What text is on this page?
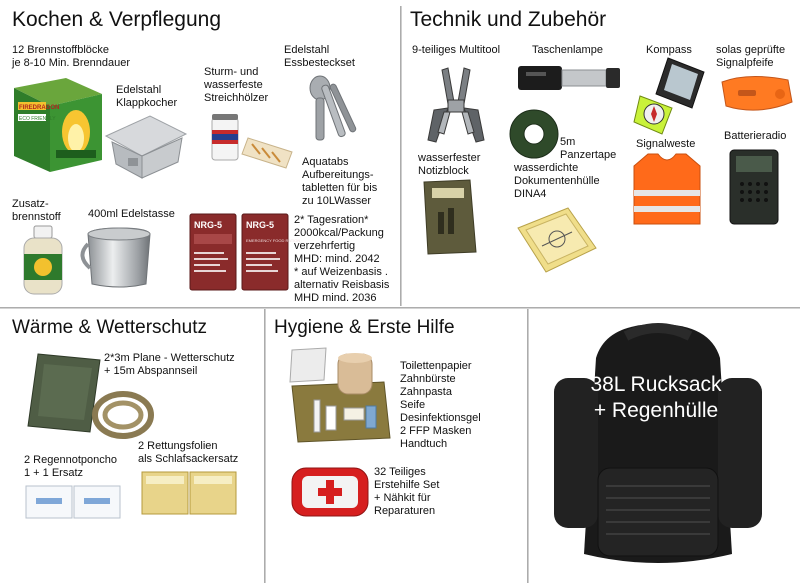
Kochen & Verpflegung	Technik und Zubehör
Wärme & Wetterschutz	Hygiene & Erste Hilfe
12 Brennstoffblöcke
je 8-10 Min. Brenndauer
FIREDRAGON
ECO FRIENDLY
Edelstahl
Klappkocher
Sturm- und
wasserfeste
Streichhölzer
Edelstahl
Essbesteckset
Aquatabs
Aufbereitungs-
tabletten für bis
zu 10LWasser
Zusatz-
brennstoff 400ml Edelstasse
NRG-5	NRG-5
EMERGENCY FOOD RATION
2* Tagesration*
2000kcal/Packung
verzehrfertig
MHD: mind. 2042
* auf Weizenbasis .
alternativ Reisbasis
MHD mind. 2036
9-teiliges Multitool	Taschenlampe	Kompass solas geprüfte
Signalpfeife
5m
Panzertape
wasserfester
Notizblock	wasserdichte
Dokumentenhülle
DINA4
Signalweste
Batterieradio
2*3m Plane - Wetterschutz
+ 15m Abspannseil
2 Regennotponcho
1 + 1 Ersatz
2 Rettungsfolien
als Schlafsackersatz
Toilettenpapier
Zahnbürste
Zahnpasta
Seife
Desinfektionsgel
2 FFP Masken
Handtuch
32 Teiliges
Erstehilfe Set
+ Nähkit für
Reparaturen
38L Rucksack
+ Regenhülle
